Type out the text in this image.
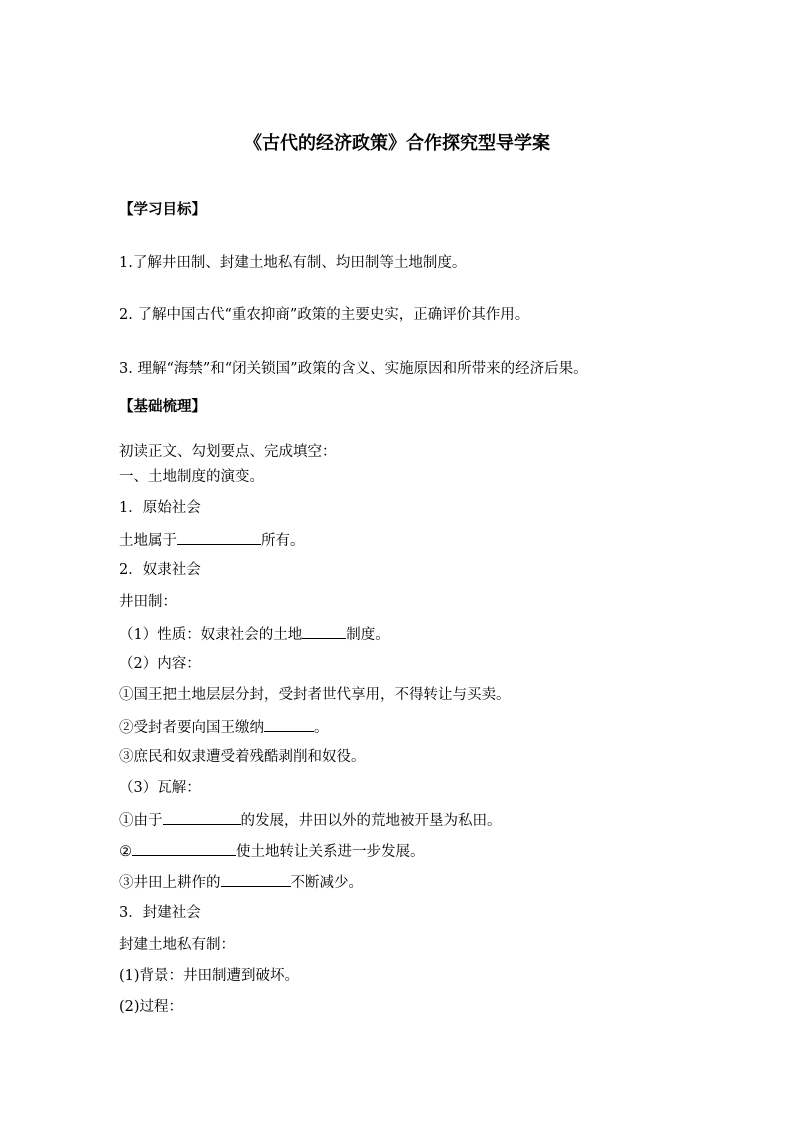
《古代的经济政策》合作探究型导学案
【学习目标】
1.了解井田制、封建土地私有制、均田制等土地制度。
2. 了解中国古代“重农抑商”政策的主要史实，正确评价其作用。
3. 理解“海禁”和“闭关锁国”政策的含义、实施原因和所带来的经济后果。
【基础梳理】
初读正文、勾划要点、完成填空：
一、土地制度的演变。
1．原始社会
土地属于	所有。
2．奴隶社会
井田制：
（1）性质：奴隶社会的土地	制度。
（2）内容：
①国王把土地层层分封，受封者世代享用，不得转让与买卖。
②受封者要向国王缴纳	。
③庶民和奴隶遭受着残酷剥削和奴役。
（3）瓦解：
①由于	的发展，井田以外的荒地被开垦为私田。
②	使土地转让关系进一步发展。
③井田上耕作的	不断减少。
3．封建社会
封建土地私有制：
(1)背景：井田制遭到破坏。
(2)过程：
